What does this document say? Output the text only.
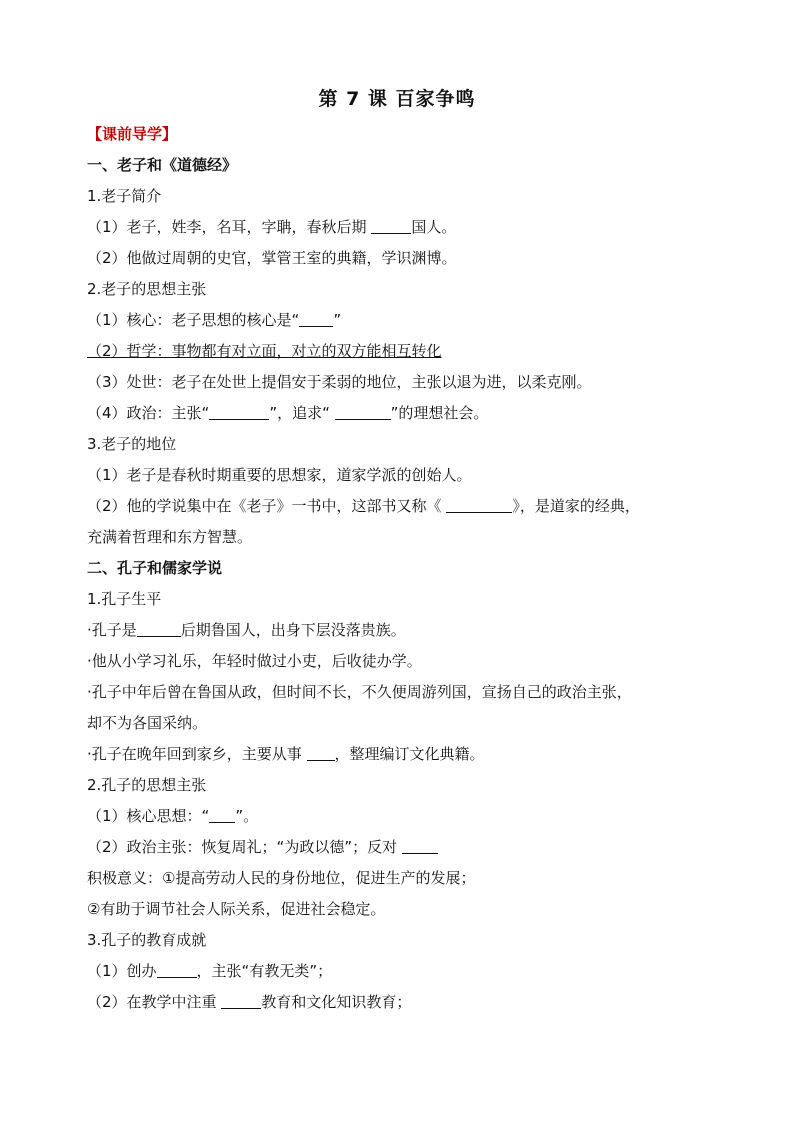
第 7 课 百家争鸣
【课前导学】
一、老子和《道德经》
1.老子简介
（1）老子，姓李，名耳，字聃，春秋后期	国人。
（2）他做过周朝的史官，掌管王室的典籍，学识渊博。
2.老子的思想主张
（1）核心：老子思想的核心是“ ”
（2）哲学：事物都有对立面，对立的双方能相互转化
（3）处世：老子在处世上提倡安于柔弱的地位，主张以退为进，以柔克刚。
（4）政治：主张“	”，追求“	”的理想社会。
3.老子的地位
（1）老子是春秋时期重要的思想家，道家学派的创始人。
（2）他的学说集中在《老子》一书中，这部书又称《	》，是道家的经典，
充满着哲理和东方智慧。
二、孔子和儒家学说
1.孔子生平
·孔子是	后期鲁国人，出身下层没落贵族。
·他从小学习礼乐，年轻时做过小吏，后收徒办学。
·孔子中年后曾在鲁国从政，但时间不长，不久便周游列国，宣扬自己的政治主张，
却不为各国采纳。
·孔子在晚年回到家乡，主要从事 ，整理编订文化典籍。
2.孔子的思想主张
（1）核心思想：“ ”。
（2）政治主张：恢复周礼；“为政以德”；反对
积极意义：①提高劳动人民的身份地位，促进生产的发展；
②有助于调节社会人际关系，促进社会稳定。
3.孔子的教育成就
（1）创办	，主张“有教无类”；
（2）在教学中注重	教育和文化知识教育；
